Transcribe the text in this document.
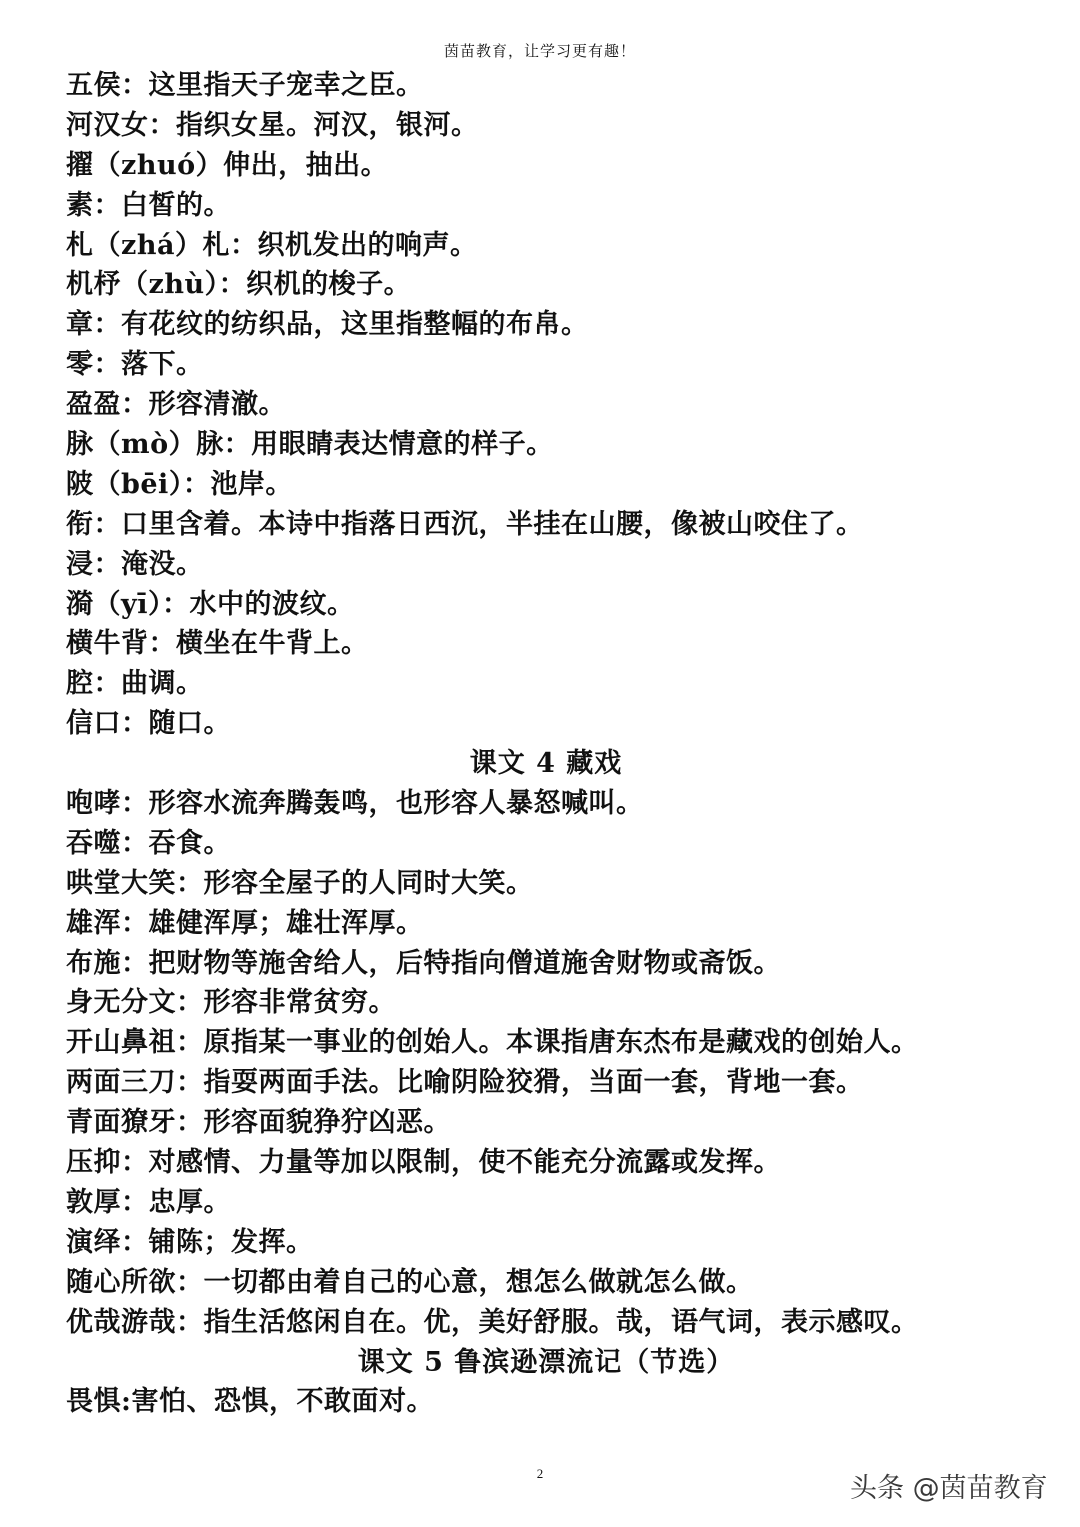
茵苗教育，让学习更有趣！
五侯：这里指天子宠幸之臣。
河汉女：指织女星。河汉，银河。
擢（zhuó）伸出，抽出。
素：白皙的。
札（zhá）札：织机发出的响声。
机杼（zhù）：织机的梭子。
章：有花纹的纺织品，这里指整幅的布帛。
零：落下。
盈盈：形容清澈。
脉（mò）脉：用眼睛表达情意的样子。
陂（bēi）：池岸。
衔：口里含着。本诗中指落日西沉，半挂在山腰，像被山咬住了。
浸：淹没。
漪（yī）：水中的波纹。
横牛背：横坐在牛背上。
腔：曲调。
信口：随口。
课文 4 藏戏
咆哮：形容水流奔腾轰鸣，也形容人暴怒喊叫。
吞噬：吞食。
哄堂大笑：形容全屋子的人同时大笑。
雄浑：雄健浑厚；雄壮浑厚。
布施：把财物等施舍给人，后特指向僧道施舍财物或斋饭。
身无分文：形容非常贫穷。
开山鼻祖：原指某一事业的创始人。本课指唐东杰布是藏戏的创始人。
两面三刀：指耍两面手法。比喻阴险狡猾，当面一套，背地一套。
青面獠牙：形容面貌狰狞凶恶。
压抑：对感情、力量等加以限制，使不能充分流露或发挥。
敦厚：忠厚。
演绎：铺陈；发挥。
随心所欲：一切都由着自己的心意，想怎么做就怎么做。
优哉游哉：指生活悠闲自在。优，美好舒服。哉，语气词，表示感叹。
课文 5 鲁滨逊漂流记（节选）
畏惧:害怕、恐惧，不敢面对。
2	头条 @茵苗教育
